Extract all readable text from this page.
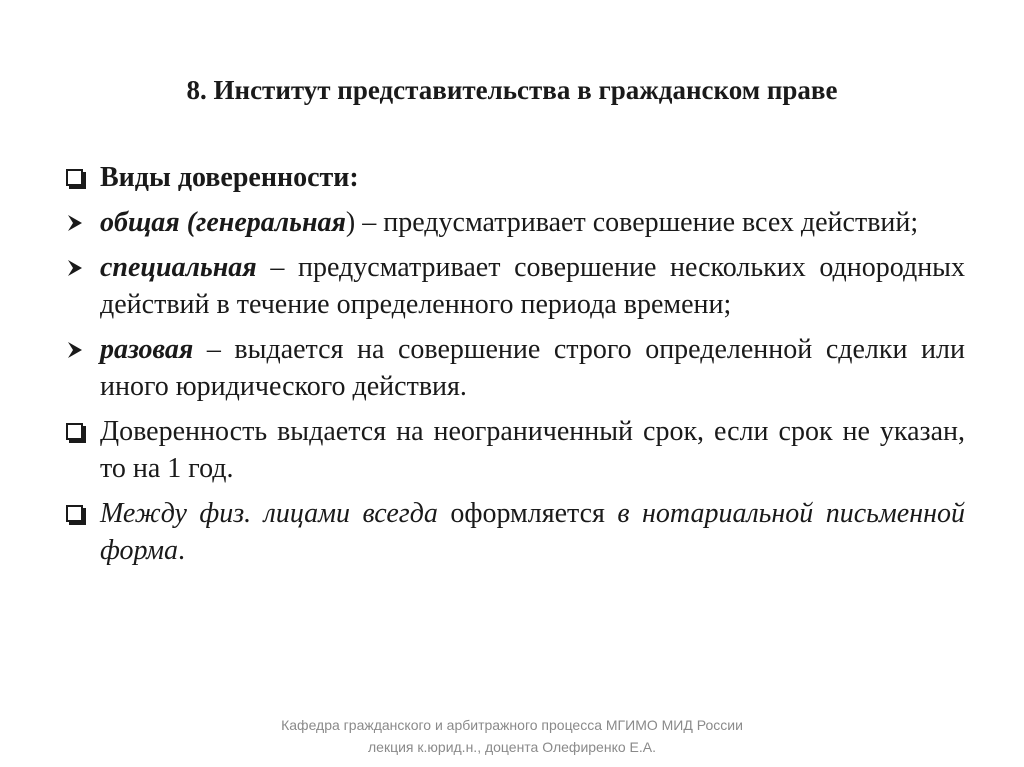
8. Институт представительства в гражданском праве
Виды доверенности:
общая (генеральная) – предусматривает совершение всех действий;
специальная – предусматривает совершение нескольких однородных действий в течение определенного периода времени;
разовая – выдается на совершение строго определенной сделки или иного юридического действия.
Доверенность выдается на неограниченный срок, если срок не указан, то на 1 год.
Между физ. лицами всегда оформляется в нотариальной письменной форма.
Кафедра гражданского и арбитражного процесса МГИМО МИД России
лекция к.юрид.н., доцента Олефиренко Е.А.
